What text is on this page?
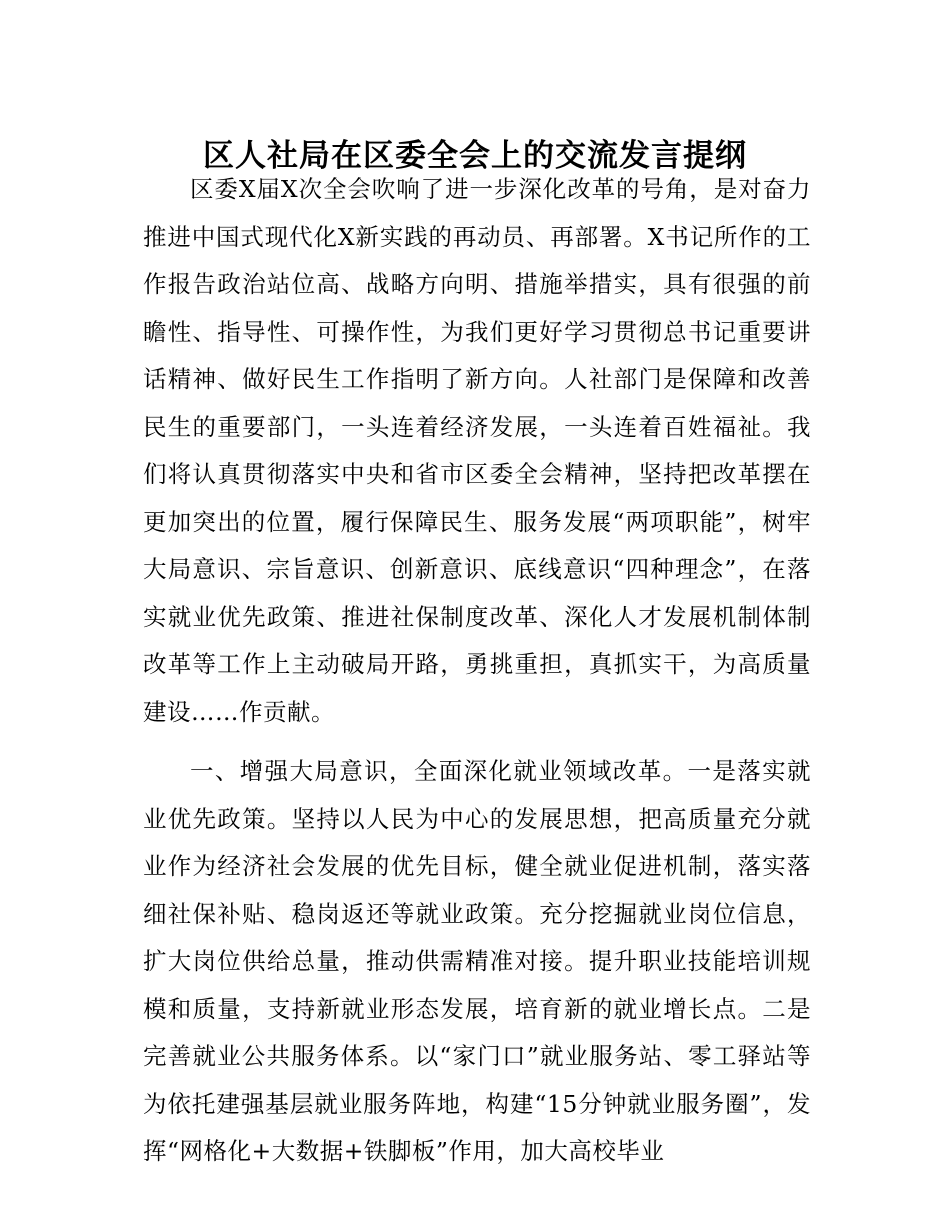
区人社局在区委全会上的交流发言提纲

区委X届X次全会吹响了进一步深化改革的号角，是对奋力推进中国式现代化X新实践的再动员、再部署。X书记所作的工作报告政治站位高、战略方向明、措施举措实，具有很强的前瞻性、指导性、可操作性，为我们更好学习贯彻总书记重要讲话精神、做好民生工作指明了新方向。人社部门是保障和改善民生的重要部门，一头连着经济发展，一头连着百姓福祉。我们将认真贯彻落实中央和省市区委全会精神，坚持把改革摆在更加突出的位置，履行保障民生、服务发展“两项职能”，树牢大局意识、宗旨意识、创新意识、底线意识“四种理念”，在落实就业优先政策、推进社保制度改革、深化人才发展机制体制改革等工作上主动破局开路，勇挑重担，真抓实干，为高质量建设……作贡献。

一、增强大局意识，全面深化就业领域改革。一是落实就业优先政策。坚持以人民为中心的发展思想，把高质量充分就业作为经济社会发展的优先目标，健全就业促进机制，落实落细社保补贴、稳岗返还等就业政策。充分挖掘就业岗位信息，扩大岗位供给总量，推动供需精准对接。提升职业技能培训规模和质量，支持新就业形态发展，培育新的就业增长点。二是完善就业公共服务体系。以“家门口”就业服务站、零工驿站等为依托建强基层就业服务阵地，构建“15分钟就业服务圈”，发挥“网格化+大数据+铁脚板”作用，加大高校毕业
